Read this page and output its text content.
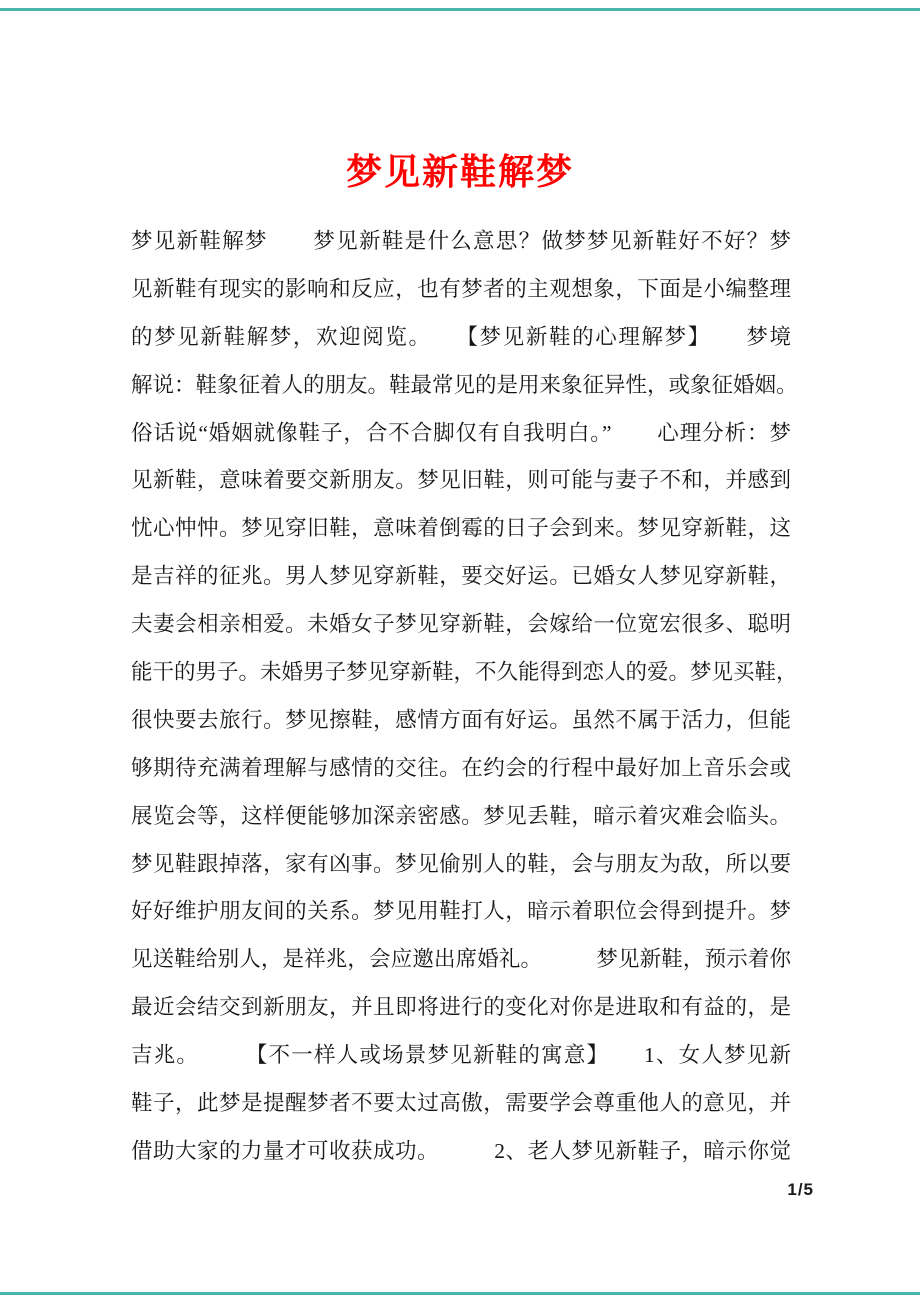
梦见新鞋解梦
梦见新鞋解梦　　梦见新鞋是什么意思？做梦梦见新鞋好不好？梦
见新鞋有现实的影响和反应，也有梦者的主观想象，下面是小编整理
的梦见新鞋解梦，欢迎阅览。　　【梦见新鞋的心理解梦】　　梦境
解说：鞋象征着人的朋友。鞋最常见的是用来象征异性，或象征婚姻。
俗话说“婚姻就像鞋子，合不合脚仅有自我明白。”　　心理分析：梦
见新鞋，意味着要交新朋友。梦见旧鞋，则可能与妻子不和，并感到
忧心忡忡。梦见穿旧鞋，意味着倒霉的日子会到来。梦见穿新鞋，这
是吉祥的征兆。男人梦见穿新鞋，要交好运。已婚女人梦见穿新鞋，
夫妻会相亲相爱。未婚女子梦见穿新鞋，会嫁给一位宽宏很多、聪明
能干的男子。未婚男子梦见穿新鞋，不久能得到恋人的爱。梦见买鞋，
很快要去旅行。梦见擦鞋，感情方面有好运。虽然不属于活力，但能
够期待充满着理解与感情的交往。在约会的行程中最好加上音乐会或
展览会等，这样便能够加深亲密感。梦见丢鞋，暗示着灾难会临头。
梦见鞋跟掉落，家有凶事。梦见偷别人的鞋，会与朋友为敌，所以要
好好维护朋友间的关系。梦见用鞋打人，暗示着职位会得到提升。梦
见送鞋给别人，是祥兆，会应邀出席婚礼。　　　梦见新鞋，预示着你
最近会结交到新朋友，并且即将进行的变化对你是进取和有益的，是
吉兆。　　　【不一样人或场景梦见新鞋的寓意】　　1、女人梦见新
鞋子，此梦是提醒梦者不要太过高傲，需要学会尊重他人的意见，并
借助大家的力量才可收获成功。　　　2、老人梦见新鞋子，暗示你觉
1/5
